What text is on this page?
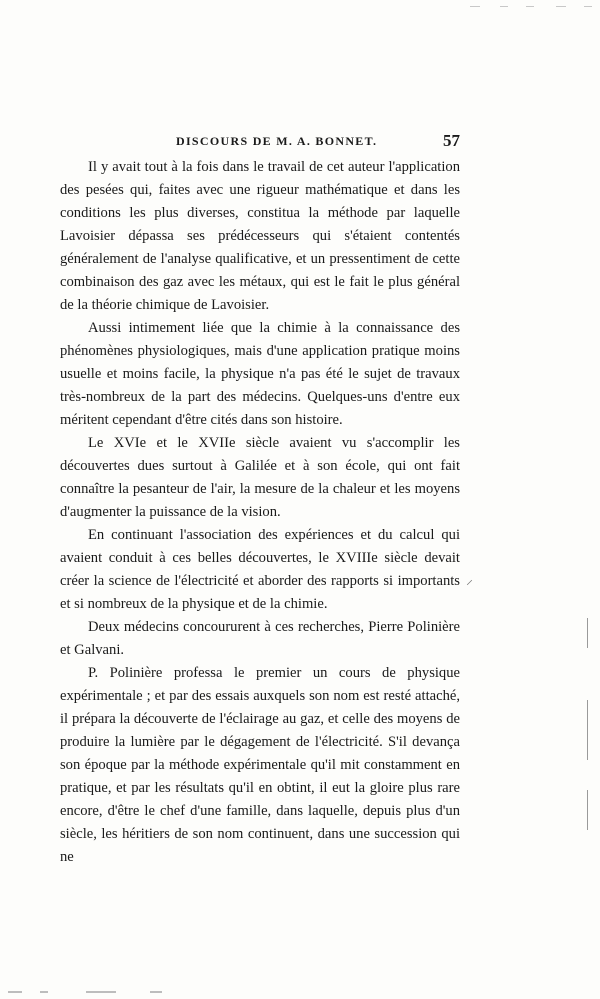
DISCOURS DE M. A. BONNET.	57

Il y avait tout à la fois dans le travail de cet auteur l'application des pesées qui, faites avec une rigueur mathématique et dans les conditions les plus diverses, constitua la méthode par laquelle Lavoisier dépassa ses prédécesseurs qui s'étaient contentés généralement de l'analyse qualificative, et un pressentiment de cette combinaison des gaz avec les métaux, qui est le fait le plus général de la théorie chimique de Lavoisier.

Aussi intimement liée que la chimie à la connaissance des phénomènes physiologiques, mais d'une application pratique moins usuelle et moins facile, la physique n'a pas été le sujet de travaux très-nombreux de la part des médecins. Quelques-uns d'entre eux méritent cependant d'être cités dans son histoire.

Le XVIe et le XVIIe siècle avaient vu s'accomplir les découvertes dues surtout à Galilée et à son école, qui ont fait connaître la pesanteur de l'air, la mesure de la chaleur et les moyens d'augmenter la puissance de la vision.

En continuant l'association des expériences et du calcul qui avaient conduit à ces belles découvertes, le XVIIIe siècle devait créer la science de l'électricité et aborder des rapports si importants et si nombreux de la physique et de la chimie.

Deux médecins concoururent à ces recherches, Pierre Polinière et Galvani.

P. Polinière professa le premier un cours de physique expérimentale ; et par des essais auxquels son nom est resté attaché, il prépara la découverte de l'éclairage au gaz, et celle des moyens de produire la lumière par le dégagement de l'électricité. S'il devança son époque par la méthode expérimentale qu'il mit constamment en pratique, et par les résultats qu'il en obtint, il eut la gloire plus rare encore, d'être le chef d'une famille, dans laquelle, depuis plus d'un siècle, les héritiers de son nom continuent, dans une succession qui ne

⸝
